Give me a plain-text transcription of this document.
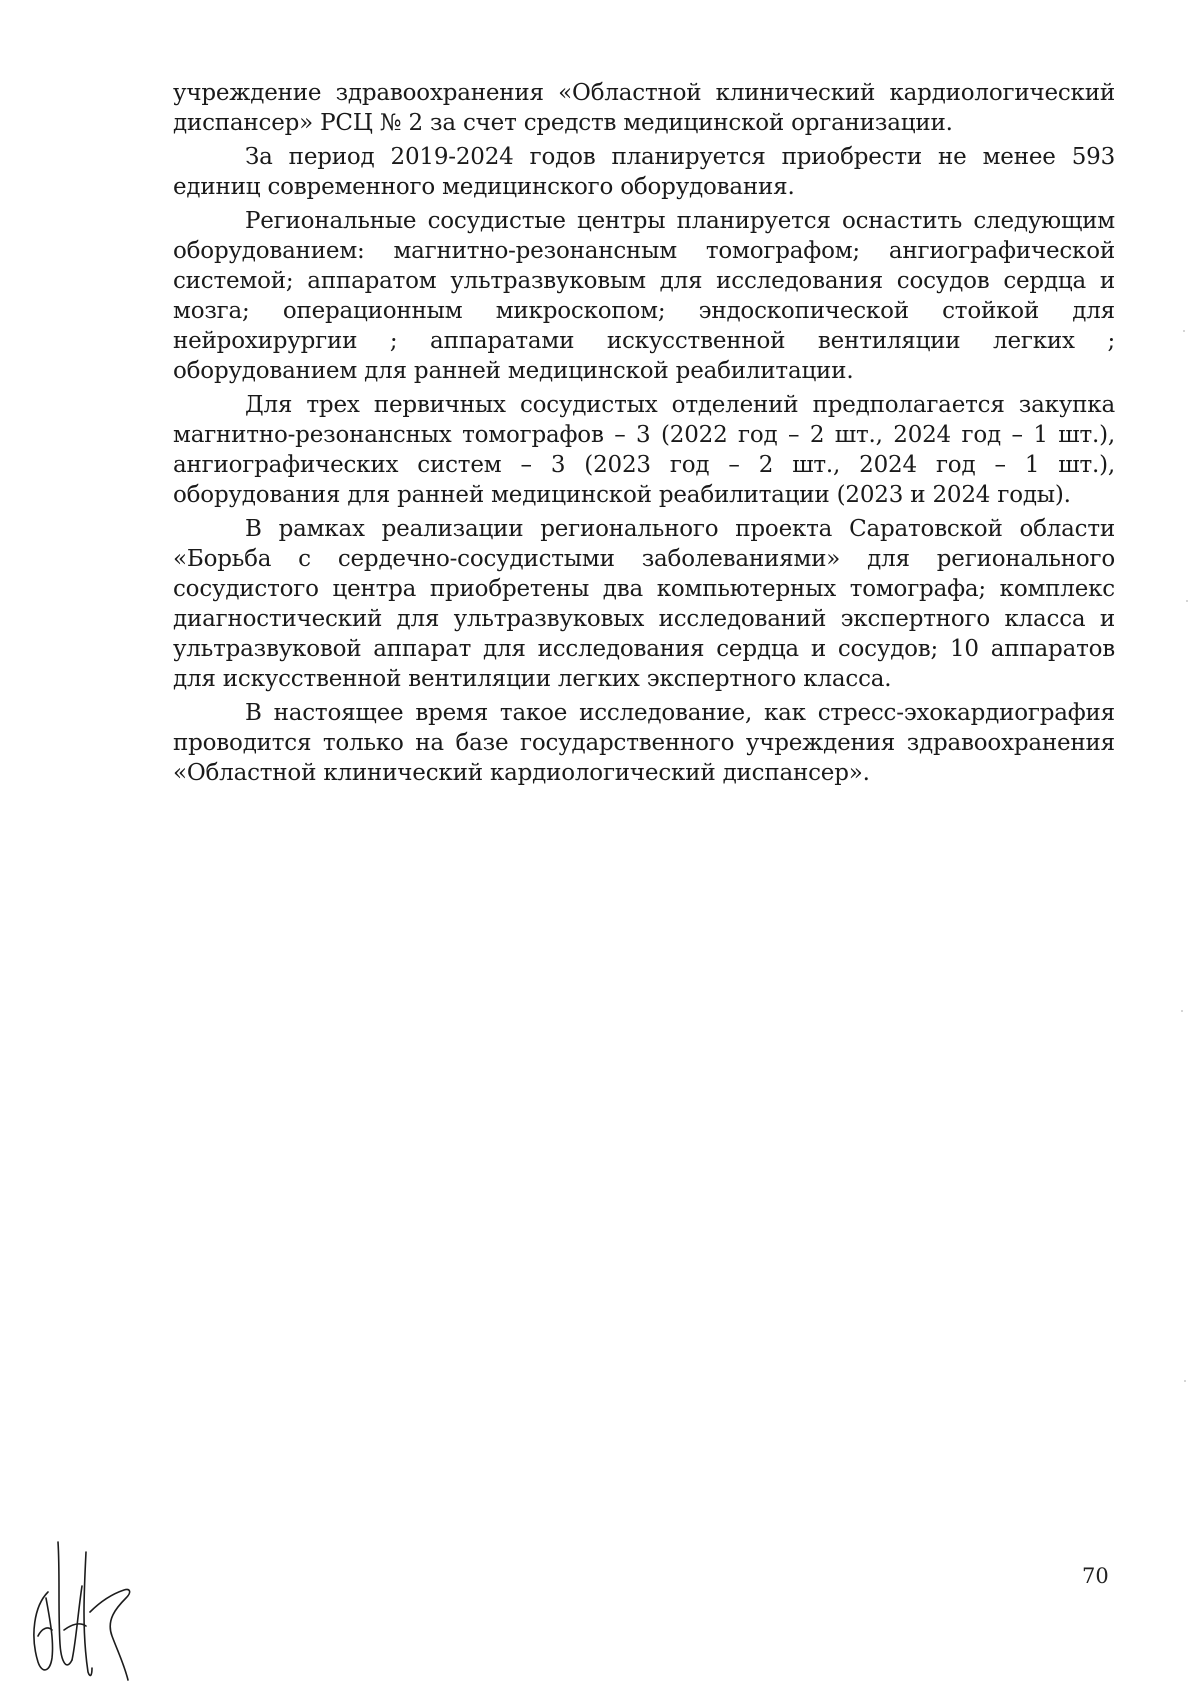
учреждение здравоохранения «Областной клинический кардиологический диспансер» РСЦ № 2 за счет средств медицинской организации.

За период 2019-2024 годов планируется приобрести не менее 593 единиц современного медицинского оборудования.

Региональные сосудистые центры планируется оснастить следующим оборудованием: магнитно-резонансным томографом; ангиографической системой; аппаратом ультразвуковым для исследования сосудов сердца и мозга; операционным микроскопом; эндоскопической стойкой для нейрохирургии ; аппаратами искусственной вентиляции легких ; оборудованием для ранней медицинской реабилитации.

Для трех первичных сосудистых отделений предполагается закупка магнитно-резонансных томографов – 3 (2022 год – 2 шт., 2024 год – 1 шт.), ангиографических систем – 3 (2023 год – 2 шт., 2024 год – 1 шт.), оборудования для ранней медицинской реабилитации (2023 и 2024 годы).

В рамках реализации регионального проекта Саратовской области «Борьба с сердечно-сосудистыми заболеваниями» для регионального сосудистого центра приобретены два компьютерных томографа; комплекс диагностический для ультразвуковых исследований экспертного класса и ультразвуковой аппарат для исследования сердца и сосудов; 10 аппаратов для искусственной вентиляции легких экспертного класса.

В настоящее время такое исследование, как стресс-эхокардиография проводится только на базе государственного учреждения здравоохранения «Областной клинический кардиологический диспансер».

70
